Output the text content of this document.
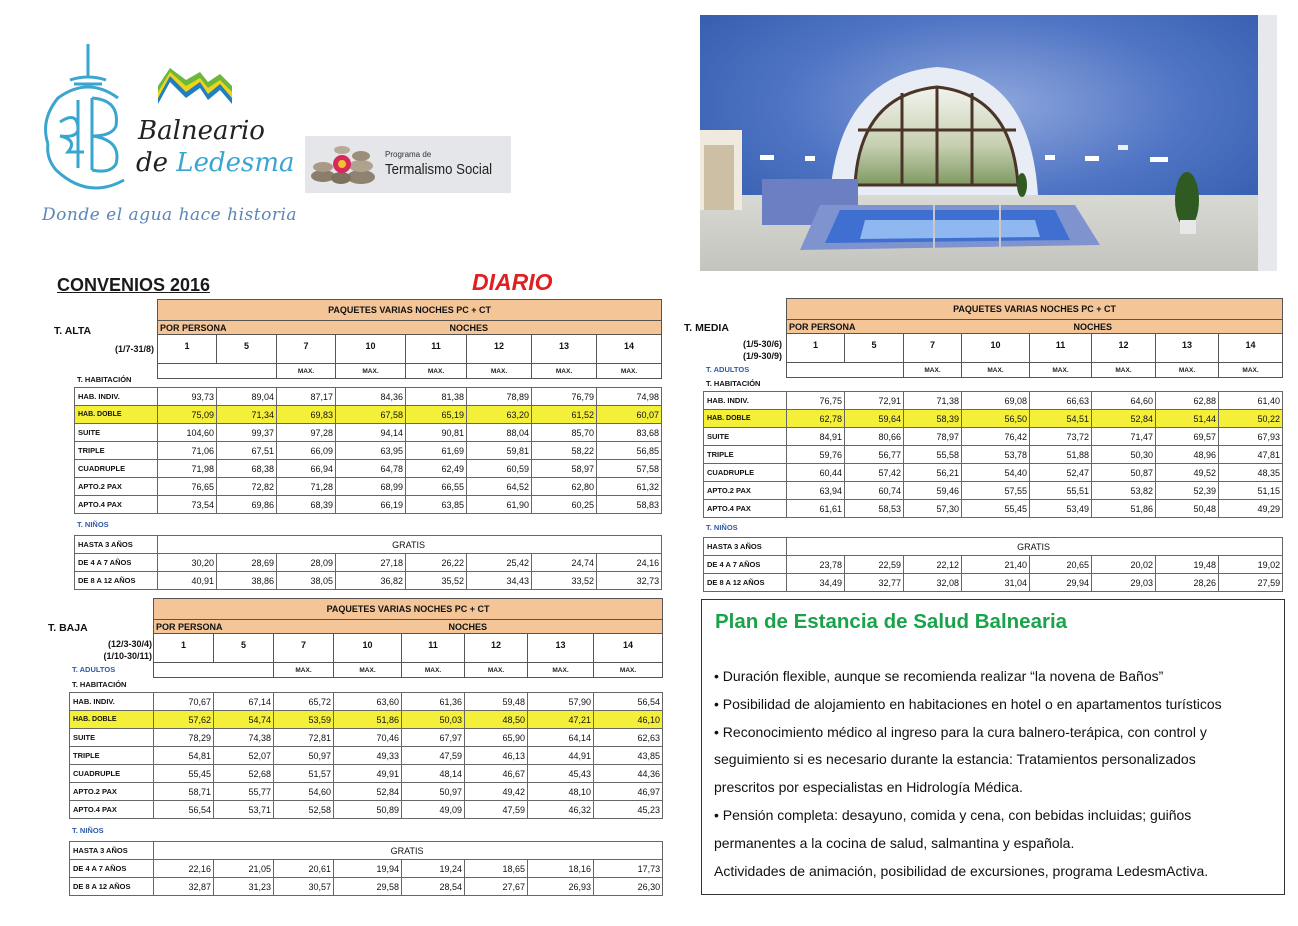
Balneario
de Ledesma
Donde el agua hace historia
Programa de
Termalismo Social
CONVENIOS 2016	DIARIO
T. ALTA
(1/7-31/8)
T. HABITACIÓN
PAQUETES VARIAS NOCHES PC + CT							
POR PERSONA		NOCHES					
1	5	7	10	11	12	13	14
		MAX.	MAX.	MAX.	MAX.	MAX.	MAX.
HAB. INDIV.	93,73	89,04	87,17	84,36	81,38	78,89	76,79	74,98
HAB. DOBLE	75,09	71,34	69,83	67,58	65,19	63,20	61,52	60,07
SUITE	104,60	99,37	97,28	94,14	90,81	88,04	85,70	83,68
TRIPLE	71,06	67,51	66,09	63,95	61,69	59,81	58,22	56,85
CUADRUPLE	71,98	68,38	66,94	64,78	62,49	60,59	58,97	57,58
APTO.2 PAX	76,65	72,82	71,28	68,99	66,55	64,52	62,80	61,32
APTO.4 PAX	73,54	69,86	68,39	66,19	63,85	61,90	60,25	58,83
T. NIÑOS
HASTA 3 AÑOS	GRATIS							
DE 4 A 7 AÑOS	30,20	28,69	28,09	27,18	26,22	25,42	24,74	24,16
DE 8 A 12 AÑOS	40,91	38,86	38,05	36,82	35,52	34,43	33,52	32,73
T. MEDIA
(1/5-30/6)
(1/9-30/9)
T. ADULTOS
T. HABITACIÓN
PAQUETES VARIAS NOCHES PC + CT							
POR PERSONA		NOCHES					
1	5	7	10	11	12	13	14
		MAX.	MAX.	MAX.	MAX.	MAX.	MAX.
HAB. INDIV.	76,75	72,91	71,38	69,08	66,63	64,60	62,88	61,40
HAB. DOBLE	62,78	59,64	58,39	56,50	54,51	52,84	51,44	50,22
SUITE	84,91	80,66	78,97	76,42	73,72	71,47	69,57	67,93
TRIPLE	59,76	56,77	55,58	53,78	51,88	50,30	48,96	47,81
CUADRUPLE	60,44	57,42	56,21	54,40	52,47	50,87	49,52	48,35
APTO.2 PAX	63,94	60,74	59,46	57,55	55,51	53,82	52,39	51,15
APTO.4 PAX	61,61	58,53	57,30	55,45	53,49	51,86	50,48	49,29
T. NIÑOS
HASTA 3 AÑOS	GRATIS							
DE 4 A 7 AÑOS	23,78	22,59	22,12	21,40	20,65	20,02	19,48	19,02
DE 8 A 12 AÑOS	34,49	32,77	32,08	31,04	29,94	29,03	28,26	27,59
T. BAJA
(12/3-30/4)
(1/10-30/11)
T. ADULTOS
T. HABITACIÓN
PAQUETES VARIAS NOCHES PC + CT							
POR PERSONA		NOCHES					
1	5	7	10	11	12	13	14
		MAX.	MAX.	MAX.	MAX.	MAX.	MAX.
HAB. INDIV.	70,67	67,14	65,72	63,60	61,36	59,48	57,90	56,54
HAB. DOBLE	57,62	54,74	53,59	51,86	50,03	48,50	47,21	46,10
SUITE	78,29	74,38	72,81	70,46	67,97	65,90	64,14	62,63
TRIPLE	54,81	52,07	50,97	49,33	47,59	46,13	44,91	43,85
CUADRUPLE	55,45	52,68	51,57	49,91	48,14	46,67	45,43	44,36
APTO.2 PAX	58,71	55,77	54,60	52,84	50,97	49,42	48,10	46,97
APTO.4 PAX	56,54	53,71	52,58	50,89	49,09	47,59	46,32	45,23
T. NIÑOS
HASTA 3 AÑOS	GRATIS							
DE 4 A 7 AÑOS	22,16	21,05	20,61	19,94	19,24	18,65	18,16	17,73
DE 8 A 12 AÑOS	32,87	31,23	30,57	29,58	28,54	27,67	26,93	26,30
Plan de Estancia de Salud Balnearia
• Duración flexible, aunque se recomienda realizar “la novena de Baños”
• Posibilidad de alojamiento en habitaciones en hotel o en apartamentos turísticos
• Reconocimiento médico al ingreso para la cura balnero-terápica, con control y
seguimiento si es necesario durante la estancia: Tratamientos personalizados
prescritos por especialistas en Hidrología Médica.
• Pensión completa: desayuno, comida y cena, con bebidas incluidas; guiños
permanentes a la cocina de salud, salmantina y española.
Actividades de animación, posibilidad de excursiones, programa LedesmActiva.
